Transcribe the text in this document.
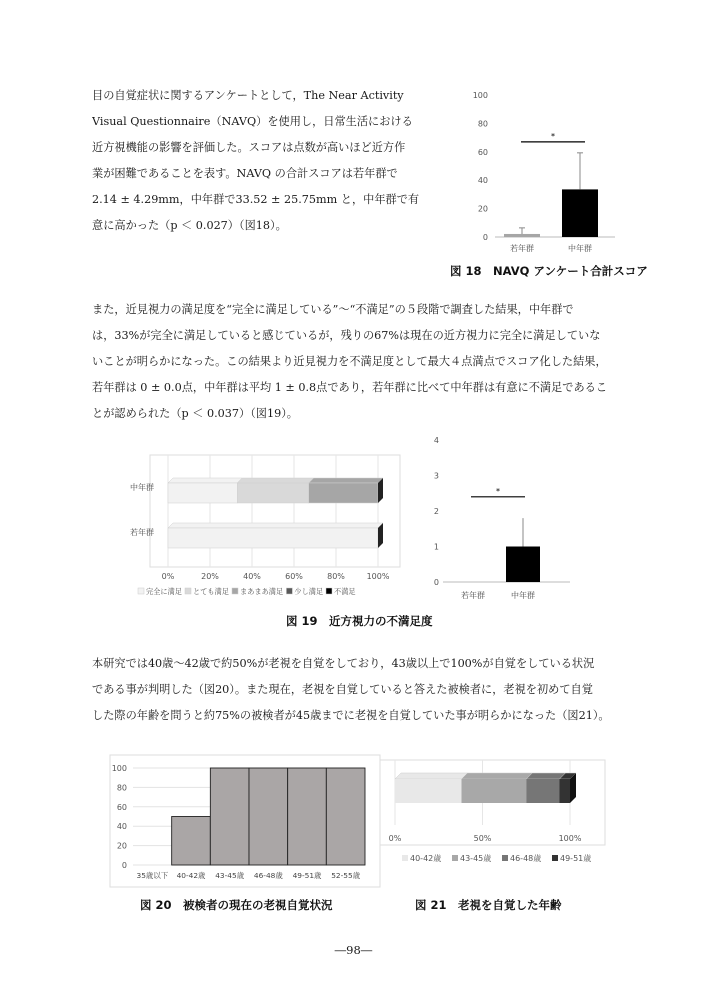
目の自覚症状に関するアンケートとして，The Near Activity
Visual Questionnaire（NAVQ）を使用し，日常生活における
近方視機能の影響を評価した。スコアは点数が高いほど近方作
業が困難であることを表す。NAVQ の合計スコアは若年群で
2.14 ± 4.29mm，中年群で33.52 ± 25.75mm と，中年群で有
意に高かった（p ＜ 0.027）（図18）。
0
20
40
60
80
100
若年群	中年群
*
図 18　NAVQ アンケート合計スコア
また，近見視力の満足度を“完全に満足している”～“不満足”の５段階で調査した結果，中年群で
は，33%が完全に満足していると感じているが，残りの67%は現在の近方視力に完全に満足していな
いことが明らかになった。この結果より近見視力を不満足度として最大４点満点でスコア化した結果，
若年群は 0 ± 0.0点，中年群は平均 1 ± 0.8点であり，若年群に比べて中年群は有意に不満足であるこ
とが認められた（p ＜ 0.037）（図19）。
0%	20%	40%	60%	80%	100%
中年群
若年群
完全に満足 とても満足 まあまあ満足 少し満足 不満足
0
1
2
3
4
若年群	中年群
*
図 19　近方視力の不満足度
本研究では40歳～42歳で約50%が老視を自覚をしており，43歳以上で100%が自覚をしている状況
である事が判明した（図20）。また現在，老視を自覚していると答えた被検者に，老視を初めて自覚
した際の年齢を問うと約75%の被検者が45歳までに老視を自覚していた事が明らかになった（図21）。
0
20
40
60
80
100
35歳以下 40-42歳 43-45歳 46-48歳 49-51歳 52-55歳
図 20　被検者の現在の老視自覚状況
0%	50%	100%
40-42歳 43-45歳 46-48歳 49-51歳
図 21　老視を自覚した年齢
―98―
